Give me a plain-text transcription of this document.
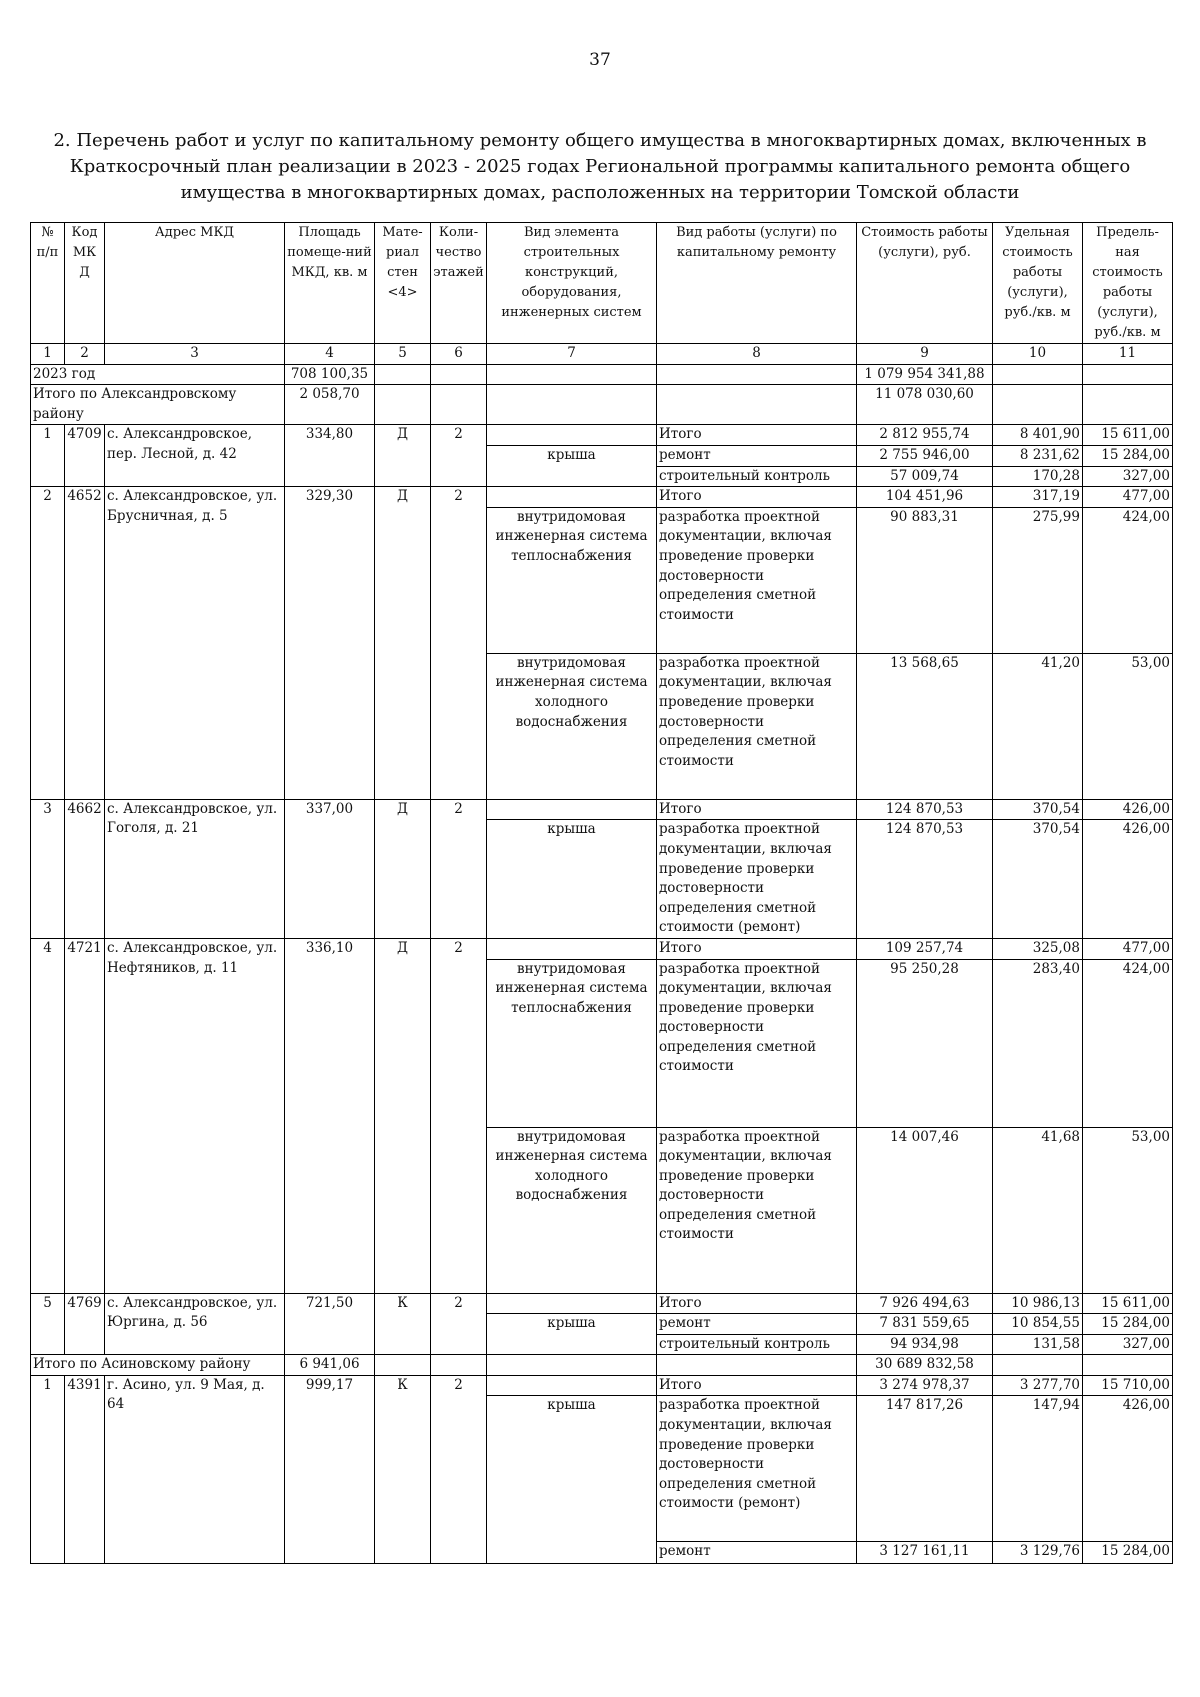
37
2. Перечень работ и услуг по капитальному ремонту общего имущества в многоквартирных домах, включенных в
Краткосрочный план реализации в 2023 - 2025 годах Региональной программы капитального ремонта общего
имущества в многоквартирных домах, расположенных на территории Томской области
№ п/п	Код МК Д	Адрес МКД	Площадь помеще-ний МКД, кв. м	Мате-риал стен <4>	Коли-чество этажей	Вид элемента строительных конструкций, оборудования, инженерных систем	Вид работы (услуги) по капитальному ремонту	Стоимость работы (услуги), руб.	Удельная стоимость работы (услуги), руб./кв. м	Предель-ная стоимость работы (услуги), руб./кв. м
1	2	3	4	5	6	7	8	9	10	11
2023 год			708 100,35					1 079 954 341,88		
Итого по Александровскому району			2 058,70					11 078 030,60		
1	4709	с. Александровское, пер. Лесной, д. 42	334,80	Д	2		Итого	2 812 955,74	8 401,90	15 611,00
						крыша	ремонт	2 755 946,00	8 231,62	15 284,00
							строительный контроль	57 009,74	170,28	327,00
2	4652	с. Александровское, ул. Брусничная, д. 5	329,30	Д	2		Итого	104 451,96	317,19	477,00
						внутридомовая инженерная система теплоснабжения	разработка проектной документации, включая проведение проверки достоверности определения сметной стоимости	90 883,31	275,99	424,00
						внутридомовая инженерная система холодного водоснабжения	разработка проектной документации, включая проведение проверки достоверности определения сметной стоимости	13 568,65	41,20	53,00
3	4662	с. Александровское, ул. Гоголя, д. 21	337,00	Д	2		Итого	124 870,53	370,54	426,00
						крыша	разработка проектной документации, включая проведение проверки достоверности определения сметной стоимости (ремонт)	124 870,53	370,54	426,00
4	4721	с. Александровское, ул. Нефтяников, д. 11	336,10	Д	2		Итого	109 257,74	325,08	477,00
						внутридомовая инженерная система теплоснабжения	разработка проектной документации, включая проведение проверки достоверности определения сметной стоимости	95 250,28	283,40	424,00
						внутридомовая инженерная система холодного водоснабжения	разработка проектной документации, включая проведение проверки достоверности определения сметной стоимости	14 007,46	41,68	53,00
5	4769	с. Александровское, ул. Юргина, д. 56	721,50	К	2		Итого	7 926 494,63	10 986,13	15 611,00
						крыша	ремонт	7 831 559,65	10 854,55	15 284,00
							строительный контроль	94 934,98	131,58	327,00
Итого по Асиновскому району			6 941,06					30 689 832,58		
1	4391	г. Асино, ул. 9 Мая, д. 64	999,17	К	2		Итого	3 274 978,37	3 277,70	15 710,00
						крыша	разработка проектной документации, включая проведение проверки достоверности определения сметной стоимости (ремонт)	147 817,26	147,94	426,00
							ремонт	3 127 161,11	3 129,76	15 284,00
